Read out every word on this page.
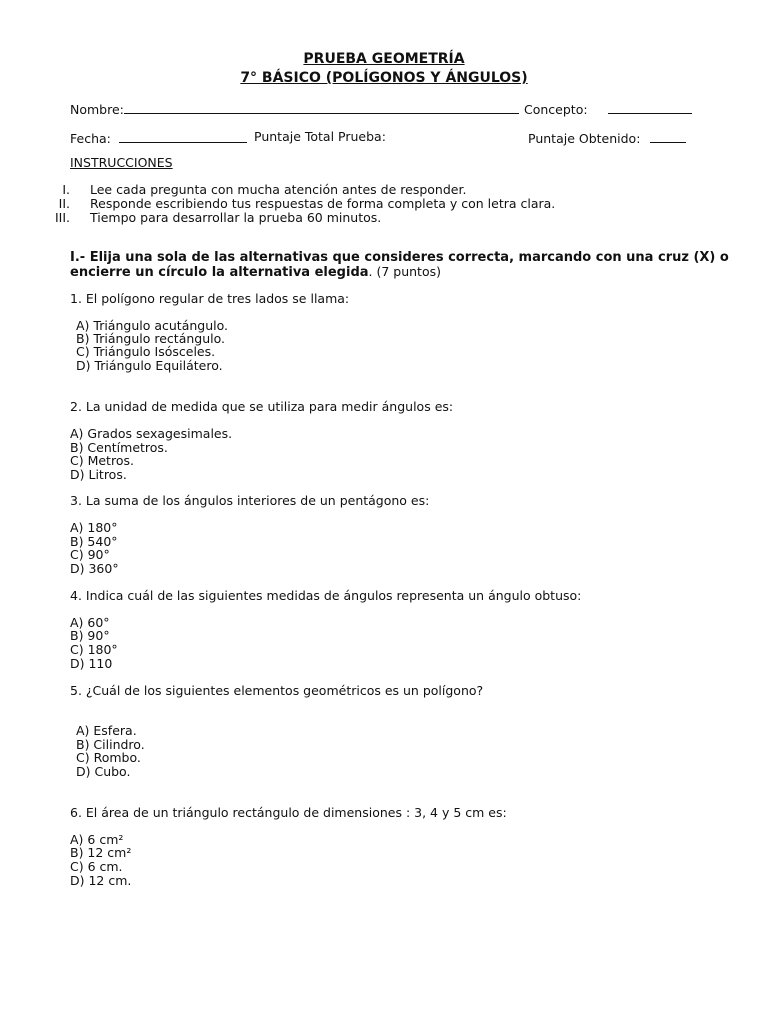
PRUEBA GEOMETRÍA
7° BÁSICO (POLÍGONOS Y ÁNGULOS)
Nombre:	Concepto:
Fecha:	Puntaje Total Prueba:	Puntaje Obtenido:
INSTRUCCIONES
I. Lee cada pregunta con mucha atención antes de responder.
II. Responde escribiendo tus respuestas de forma completa y con letra clara.
III. Tiempo para desarrollar la prueba 60 minutos.
I.- Elija una sola de las alternativas que consideres correcta, marcando con una cruz (X) o
encierre un círculo la alternativa elegida. (7 puntos)
1. El polígono regular de tres lados se llama:
A) Triángulo acutángulo.
B) Triángulo rectángulo.
C) Triángulo Isósceles.
D) Triángulo Equilátero.
2. La unidad de medida que se utiliza para medir ángulos es:
A) Grados sexagesimales.
B) Centímetros.
C) Metros.
D) Litros.
3. La suma de los ángulos interiores de un pentágono es:
A) 180°
B) 540°
C) 90°
D) 360°
4. Indica cuál de las siguientes medidas de ángulos representa un ángulo obtuso:
A) 60°
B) 90°
C) 180°
D) 110
5. ¿Cuál de los siguientes elementos geométricos es un polígono?
A) Esfera.
B) Cilindro.
C) Rombo.
D) Cubo.
6. El área de un triángulo rectángulo de dimensiones : 3, 4 y 5 cm es:
A) 6 cm²
B) 12 cm²
C) 6 cm.
D) 12 cm.
